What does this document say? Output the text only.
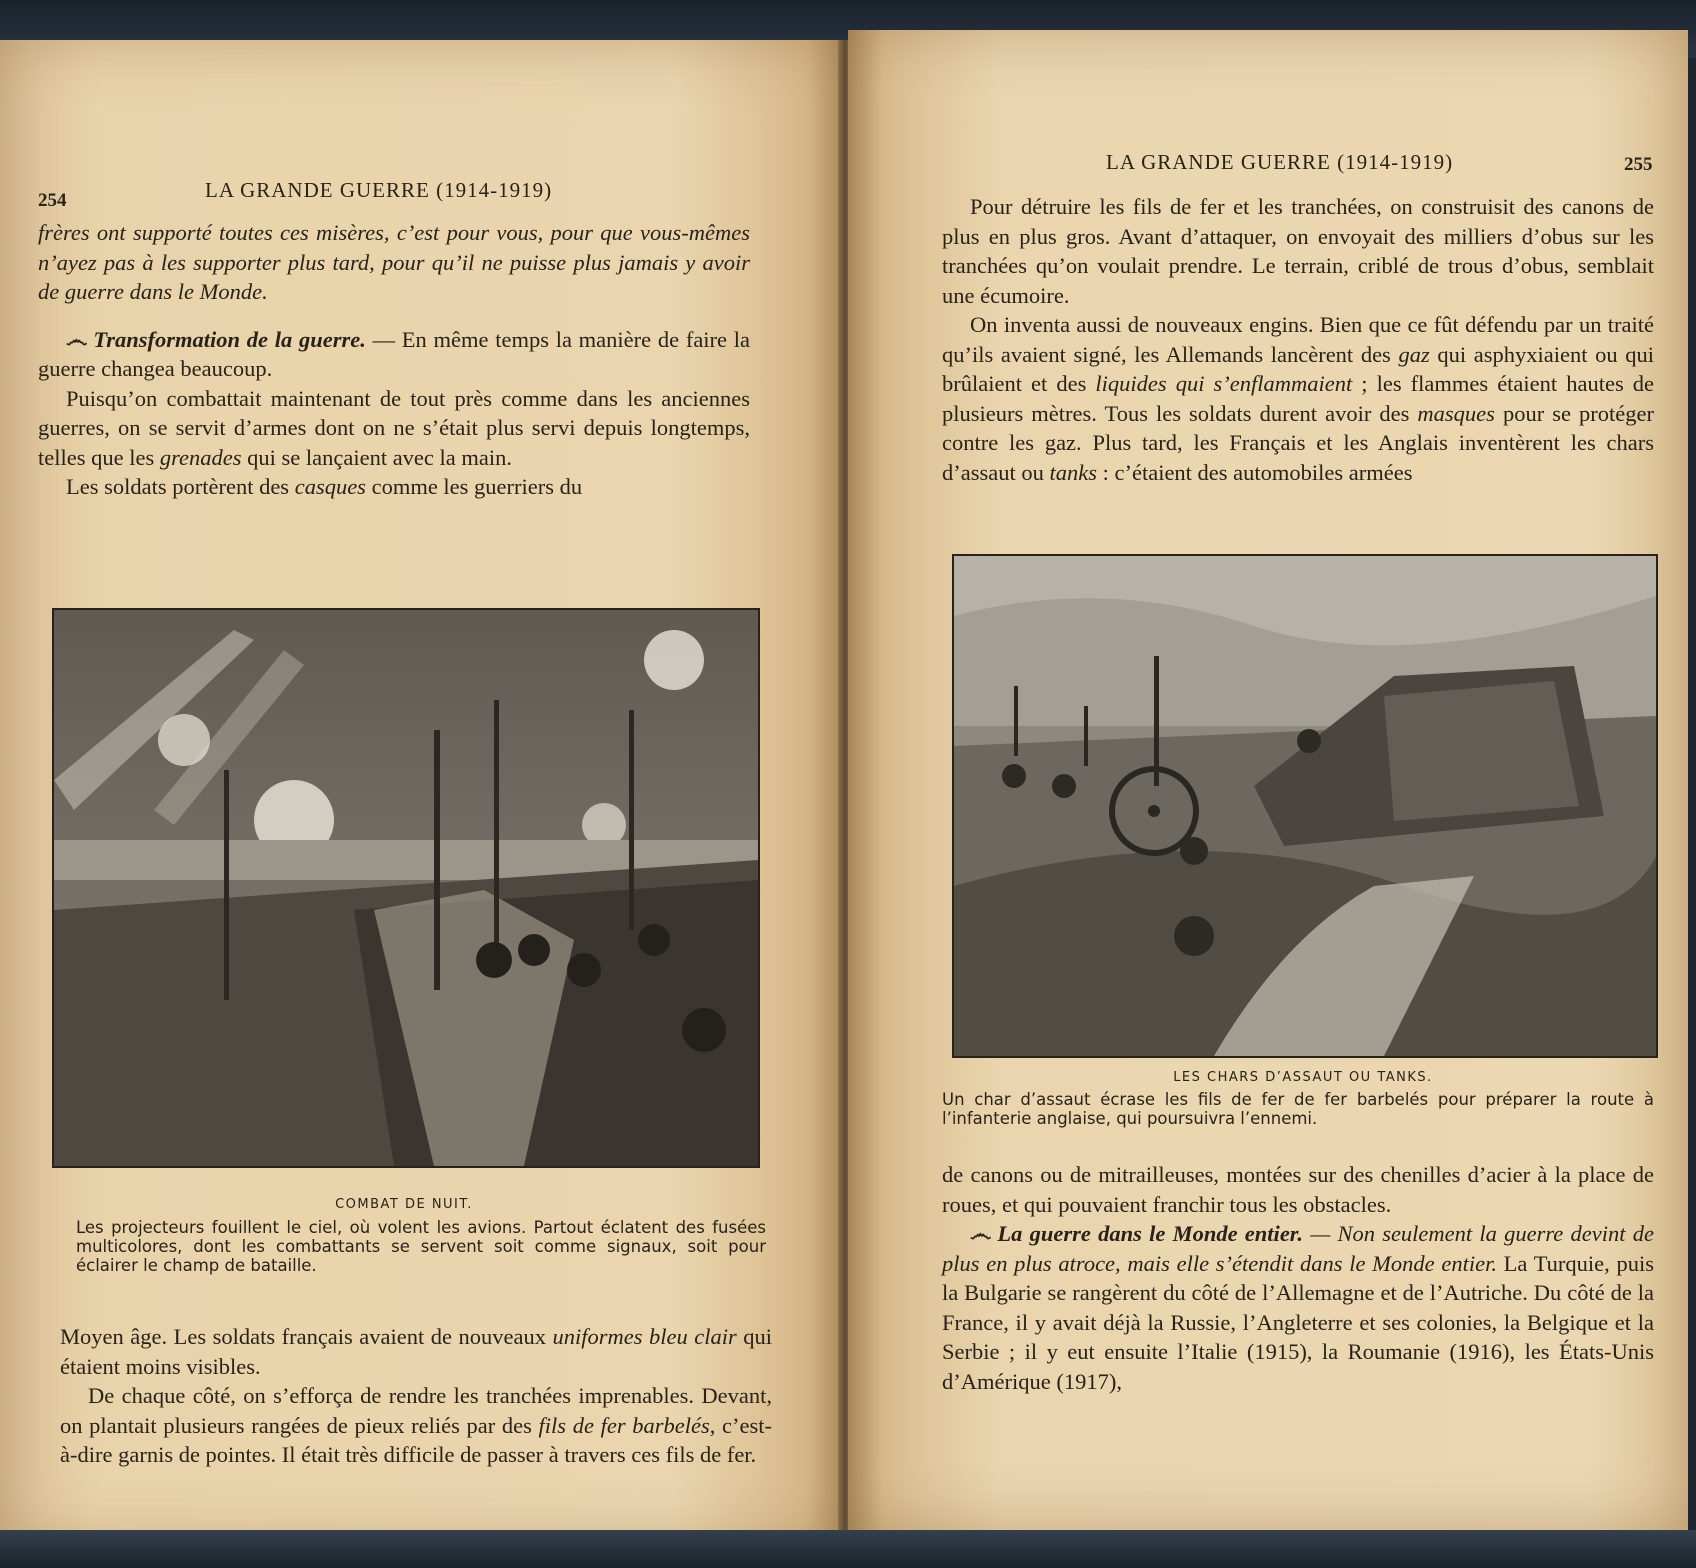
254	LA GRANDE GUERRE (1914-1919)

frères ont supporté toutes ces misères, c’est pour vous, pour que vous-mêmes n’ayez pas à les supporter plus tard, pour qu’il ne puisse plus jamais y avoir de guerre dans le Monde.

෴ Transformation de la guerre. — En même temps la manière de faire la guerre changea beaucoup.

Puisqu’on combattait maintenant de tout près comme dans les anciennes guerres, on se servit d’armes dont on ne s’était plus servi depuis longtemps, telles que les grenades qui se lançaient avec la main.

Les soldats portèrent des casques comme les guerriers du

COMBAT DE NUIT.
Les projecteurs fouillent le ciel, où volent les avions. Partout éclatent des fusées multicolores, dont les combattants se servent soit comme signaux, soit pour éclairer le champ de bataille.

Moyen âge. Les soldats français avaient de nouveaux uniformes bleu clair qui étaient moins visibles.

De chaque côté, on s’efforça de rendre les tranchées imprenables. Devant, on plantait plusieurs rangées de pieux reliés par des fils de fer barbelés, c’est-à-dire garnis de pointes. Il était très difficile de passer à travers ces fils de fer.

LA GRANDE GUERRE (1914-1919)	255

Pour détruire les fils de fer et les tranchées, on construisit des canons de plus en plus gros. Avant d’attaquer, on envoyait des milliers d’obus sur les tranchées qu’on voulait prendre. Le terrain, criblé de trous d’obus, semblait une écumoire.

On inventa aussi de nouveaux engins. Bien que ce fût défendu par un traité qu’ils avaient signé, les Allemands lancèrent des gaz qui asphyxiaient ou qui brûlaient et des liquides qui s’enflammaient ; les flammes étaient hautes de plusieurs mètres. Tous les soldats durent avoir des masques pour se protéger contre les gaz. Plus tard, les Français et les Anglais inventèrent les chars d’assaut ou tanks : c’étaient des automobiles armées

LES CHARS D’ASSAUT OU TANKS.
Un char d’assaut écrase les fils de fer de fer barbelés pour préparer la route à l’infanterie anglaise, qui poursuivra l’ennemi.

de canons ou de mitrailleuses, montées sur des chenilles d’acier à la place de roues, et qui pouvaient franchir tous les obstacles.

෴ La guerre dans le Monde entier. — Non seulement la guerre devint de plus en plus atroce, mais elle s’étendit dans le Monde entier. La Turquie, puis la Bulgarie se rangèrent du côté de l’Allemagne et de l’Autriche. Du côté de la France, il y avait déjà la Russie, l’Angleterre et ses colonies, la Belgique et la Serbie ; il y eut ensuite l’Italie (1915), la Roumanie (1916), les États-Unis d’Amérique (1917),
